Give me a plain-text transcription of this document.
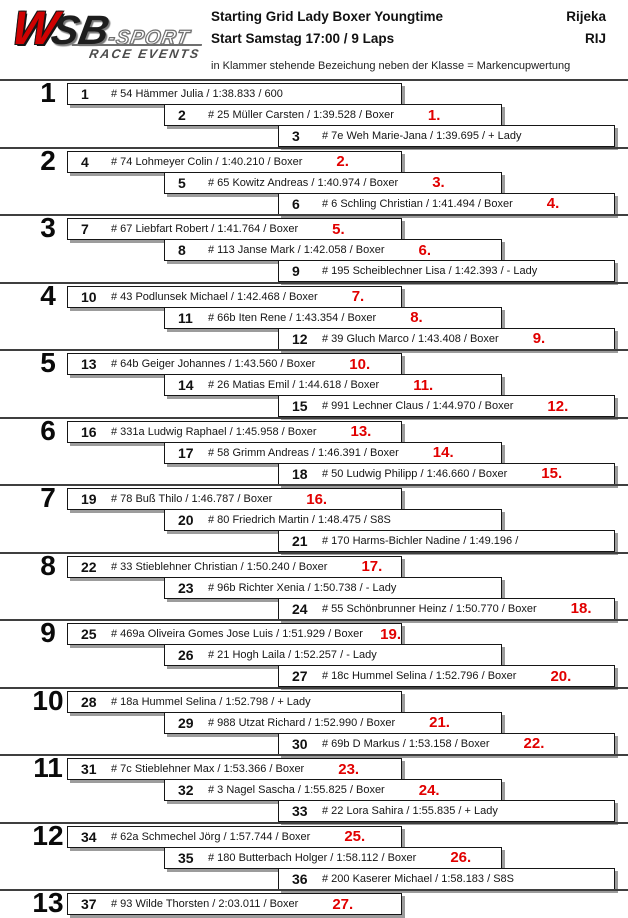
W
SB
-SPORT
RACE EVENTS
Starting Grid Lady Boxer Youngtime
Start Samstag 17:00 / 9 Laps
Rijeka
RIJ
in Klammer stehende Bezeichung neben der Klasse = Markencupwertung
1	1	# 54 Hämmer Julia / 1:38.833 / 600
2	# 25 Müller Carsten / 1:39.528 / Boxer 1.
3	# 7e Weh Marie-Jana / 1:39.695 / + Lady
2	4	# 74 Lohmeyer Colin / 1:40.210 / Boxer 2.
5	# 65 Kowitz Andreas / 1:40.974 / Boxer 3.
6	# 6 Schling Christian / 1:41.494 / Boxer 4.
3	7	# 67 Liebfart Robert / 1:41.764 / Boxer 5.
8	# 113 Janse Mark / 1:42.058 / Boxer 6.
9	# 195 Scheiblechner Lisa / 1:42.393 / - Lady
4	10	# 43 Podlunsek Michael / 1:42.468 / Boxer 7.
11	# 66b Iten Rene / 1:43.354 / Boxer 8.
12	# 39 Gluch Marco / 1:43.408 / Boxer 9.
5	13	# 64b Geiger Johannes / 1:43.560 / Boxer 10.
14	# 26 Matias Emil / 1:44.618 / Boxer 11.
15	# 991 Lechner Claus / 1:44.970 / Boxer 12.
6	16	# 331a Ludwig Raphael / 1:45.958 / Boxer 13.
17	# 58 Grimm Andreas / 1:46.391 / Boxer 14.
18	# 50 Ludwig Philipp / 1:46.660 / Boxer 15.
7	19	# 78 Buß Thilo / 1:46.787 / Boxer 16.
20	# 80 Friedrich Martin / 1:48.475 / S8S
21	# 170 Harms-Bichler Nadine / 1:49.196 /
8	22	# 33 Stieblehner Christian / 1:50.240 / Boxer 17.
23	# 96b Richter Xenia / 1:50.738 / - Lady
24	# 55 Schönbrunner Heinz / 1:50.770 / Boxer 18.
9	25	# 469a Oliveira Gomes Jose Luis / 1:51.929 / Boxer 19.
26	# 21 Hogh Laila / 1:52.257 / - Lady
27	# 18c Hummel Selina / 1:52.796 / Boxer 20.
10	28	# 18a Hummel Selina / 1:52.798 / + Lady
29	# 988 Utzat Richard / 1:52.990 / Boxer 21.
30	# 69b D Markus / 1:53.158 / Boxer 22.
11	31	# 7c Stieblehner Max / 1:53.366 / Boxer 23.
32	# 3 Nagel Sascha / 1:55.825 / Boxer 24.
33	# 22 Lora Sahira / 1:55.835 / + Lady
12	34	# 62a Schmechel Jörg / 1:57.744 / Boxer 25.
35	# 180 Butterbach Holger / 1:58.112 / Boxer 26.
36	# 200 Kaserer Michael / 1:58.183 / S8S
13	37	# 93 Wilde Thorsten / 2:03.011 / Boxer 27.
